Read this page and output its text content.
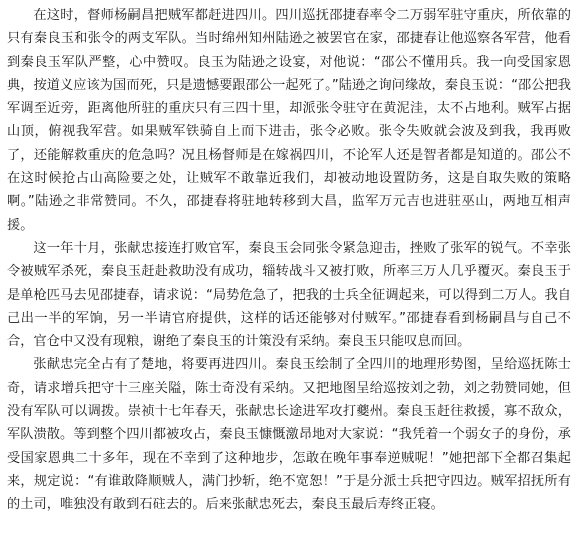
在这时，督师杨嗣昌把贼军都赶进四川。四川巡抚邵捷春率令二万弱军驻守重庆，所依靠的只有秦良玉和张令的两支军队。当时绵州知州陆逊之被罢官在家，邵捷春让他巡察各军营，他看到秦良玉军队严整，心中赞叹。良玉为陆逊之设宴，对他说：“邵公不懂用兵。我一向受国家恩典，按道义应该为国而死，只是遗憾要跟邵公一起死了。”陆逊之询问缘故，秦良玉说：“邵公把我军调至近旁，距离他所驻的重庆只有三四十里，却派张令驻守在黄泥洼，太不占地利。贼军占据山顶，俯视我军营。如果贼军铁骑自上而下进击，张令必败。张令失败就会波及到我，我再败了，还能解救重庆的危急吗？况且杨督师是在嫁祸四川，不论军人还是智者都是知道的。邵公不在这时候抢占山高险要之处，让贼军不敢靠近我们，却被动地设置防务，这是自取失败的策略啊。”陆逊之非常赞同。不久，邵捷春将驻地转移到大昌，监军万元吉也进驻巫山，两地互相声援。

这一年十月，张献忠接连打败官军，秦良玉会同张令紧急迎击，挫败了张军的锐气。不幸张令被贼军杀死，秦良玉赶赴救助没有成功，辎转战斗又被打败，所率三万人几乎覆灭。秦良玉于是单枪匹马去见邵捷春，请求说：“局势危急了，把我的士兵全征调起来，可以得到二万人。我自己出一半的军饷，另一半请官府提供，这样的话还能够对付贼军。”邵捷春看到杨嗣昌与自己不合，官仓中又没有现粮，谢绝了秦良玉的计策没有采纳。秦良玉只能叹息而回。

张献忠完全占有了楚地，将要再进四川。秦良玉绘制了全四川的地理形势图，呈给巡抚陈士奇，请求增兵把守十三座关隘，陈士奇没有采纳。又把地图呈给巡按刘之勃，刘之勃赞同她，但没有军队可以调拨。崇祯十七年春天，张献忠长途进军攻打夔州。秦良玉赶往救援，寡不敌众，军队溃散。等到整个四川都被攻占，秦良玉慷慨激昂地对大家说：“我凭着一个弱女子的身份，承受国家恩典二十多年，现在不幸到了这种地步，怎敢在晚年事奉逆贼呢！”她把部下全都召集起来，规定说：“有谁敢降顺贼人，满门抄斩，绝不宽恕！”于是分派士兵把守四边。贼军招抚所有的土司，唯独没有敢到石砫去的。后来张献忠死去，秦良玉最后寿终正寝。
